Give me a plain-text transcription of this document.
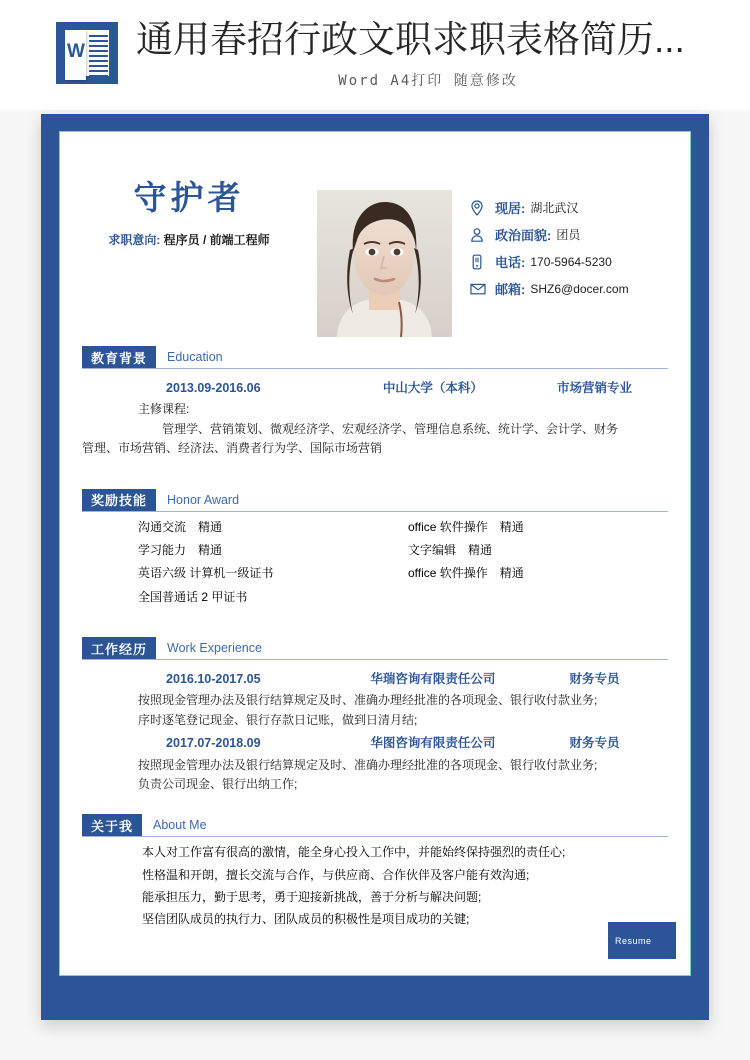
W 通用春招行政文职求职表格简历...
Word A4打印 随意修改
守护者
求职意向: 程序员 / 前端工程师
现居: 湖北武汉
政治面貌: 团员
电话: 170-5964-5230
邮箱: SHZ6@docer.com
教育背景	Education
2013.09-2016.06	中山大学（本科）	市场营销专业
主修课程:
管理学、营销策划、微观经济学、宏观经济学、管理信息系统、统计学、会计学、财务
管理、市场营销、经济法、消费者行为学、国际市场营销
奖励技能	Honor Award
沟通交流　精通	office 软件操作　精通
学习能力　精通	文字编辑　精通
英语六级 计算机一级证书	office 软件操作　精通
全国普通话 2 甲证书
工作经历	Work Experience
2016.10-2017.05	华瑞咨询有限责任公司	财务专员
按照现金管理办法及银行结算规定及时、准确办理经批准的各项现金、银行收付款业务;
序时逐笔登记现金、银行存款日记账，做到日清月结;
2017.07-2018.09	华图咨询有限责任公司	财务专员
按照现金管理办法及银行结算规定及时、准确办理经批准的各项现金、银行收付款业务;
负责公司现金、银行出纳工作;
关于我	About Me
本人对工作富有很高的激情，能全身心投入工作中，并能始终保持强烈的责任心;
性格温和开朗，擅长交流与合作，与供应商、合作伙伴及客户能有效沟通;
能承担压力，勤于思考，勇于迎接新挑战，善于分析与解决问题;
坚信团队成员的执行力、团队成员的积极性是项目成功的关键;
Resume
